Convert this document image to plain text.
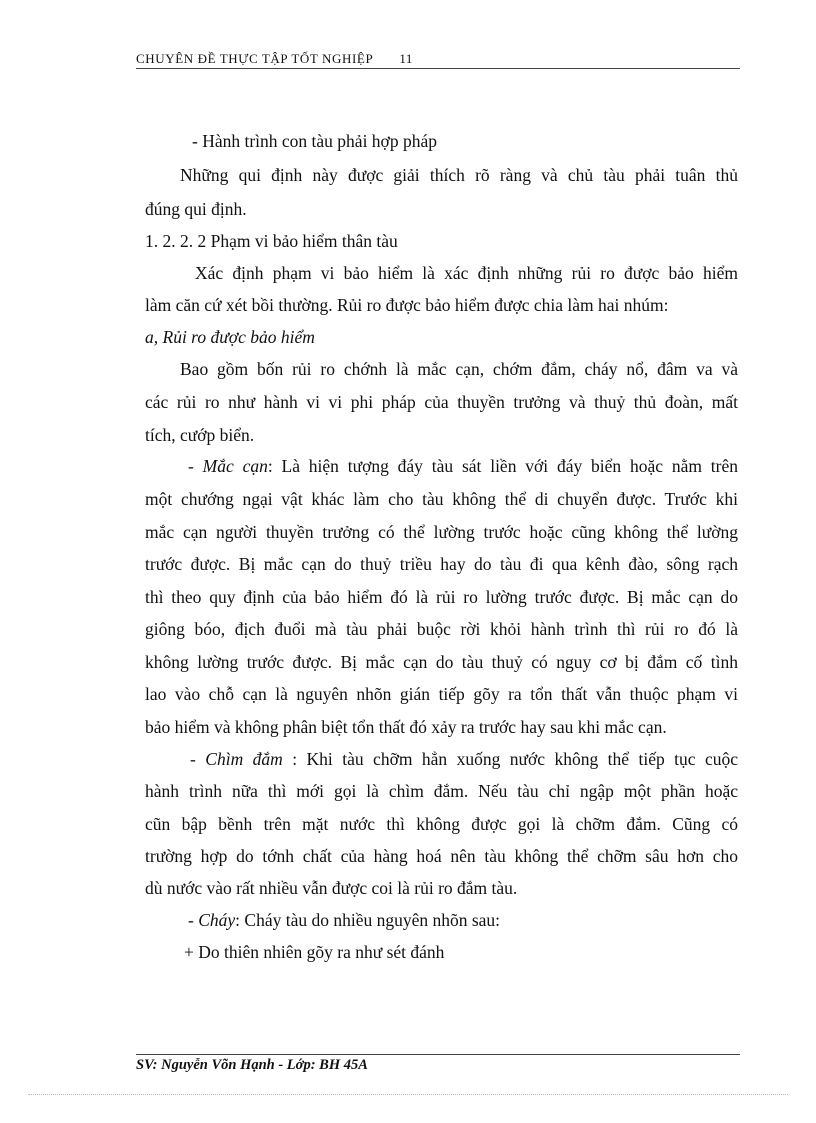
CHUYÊN ĐỀ THỰC TẬP TỐT NGHIỆP 11
- Hành trình con tàu phải hợp pháp
Những qui định này được giải thích rõ ràng và chủ tàu phải tuân thủ
đúng qui định.
1. 2. 2. 2 Phạm vi bảo hiểm thân tàu
Xác định phạm vi bảo hiểm là xác định những rủi ro được bảo hiểm
làm căn cứ xét bồi thường. Rủi ro được bảo hiểm được chia làm hai nhúm:
a, Rủi ro được bảo hiểm
Bao gồm bốn rủi ro chớnh là mắc cạn, chớm đắm, cháy nổ, đâm va và
các rủi ro như hành vi vi phi pháp của thuyền trưởng và thuỷ thủ đoàn, mất
tích, cướp biển.
- Mắc cạn: Là hiện tượng đáy tàu sát liền với đáy biển hoặc nằm trên
một chướng ngại vật khác làm cho tàu không thể di chuyển được. Trước khi
mắc cạn người thuyền trưởng có thể lường trước hoặc cũng không thể lường
trước được. Bị mắc cạn do thuỷ triều hay do tàu đi qua kênh đào, sông rạch
thì theo quy định của bảo hiểm đó là rủi ro lường trước được. Bị mắc cạn do
giông bóo, địch đuổi mà tàu phải buộc rời khỏi hành trình thì rủi ro đó là
không lường trước được. Bị mắc cạn do tàu thuỷ có nguy cơ bị đắm cố tình
lao vào chỗ cạn là nguyên nhõn gián tiếp gõy ra tổn thất vẫn thuộc phạm vi
bảo hiểm và không phân biệt tổn thất đó xảy ra trước hay sau khi mắc cạn.
- Chìm đắm : Khi tàu chỡm hẳn xuống nước không thể tiếp tục cuộc
hành trình nữa thì mới gọi là chìm đắm. Nếu tàu chỉ ngập một phần hoặc
cũn bập bềnh trên mặt nước thì không được gọi là chỡm đắm. Cũng có
trường hợp do tớnh chất của hàng hoá nên tàu không thể chỡm sâu hơn cho
dù nước vào rất nhiều vẫn được coi là rủi ro đắm tàu.
- Cháy: Cháy tàu do nhiều nguyên nhõn sau:
+ Do thiên nhiên gõy ra như sét đánh
SV: Nguyễn Võn Hạnh - Lớp: BH 45A
